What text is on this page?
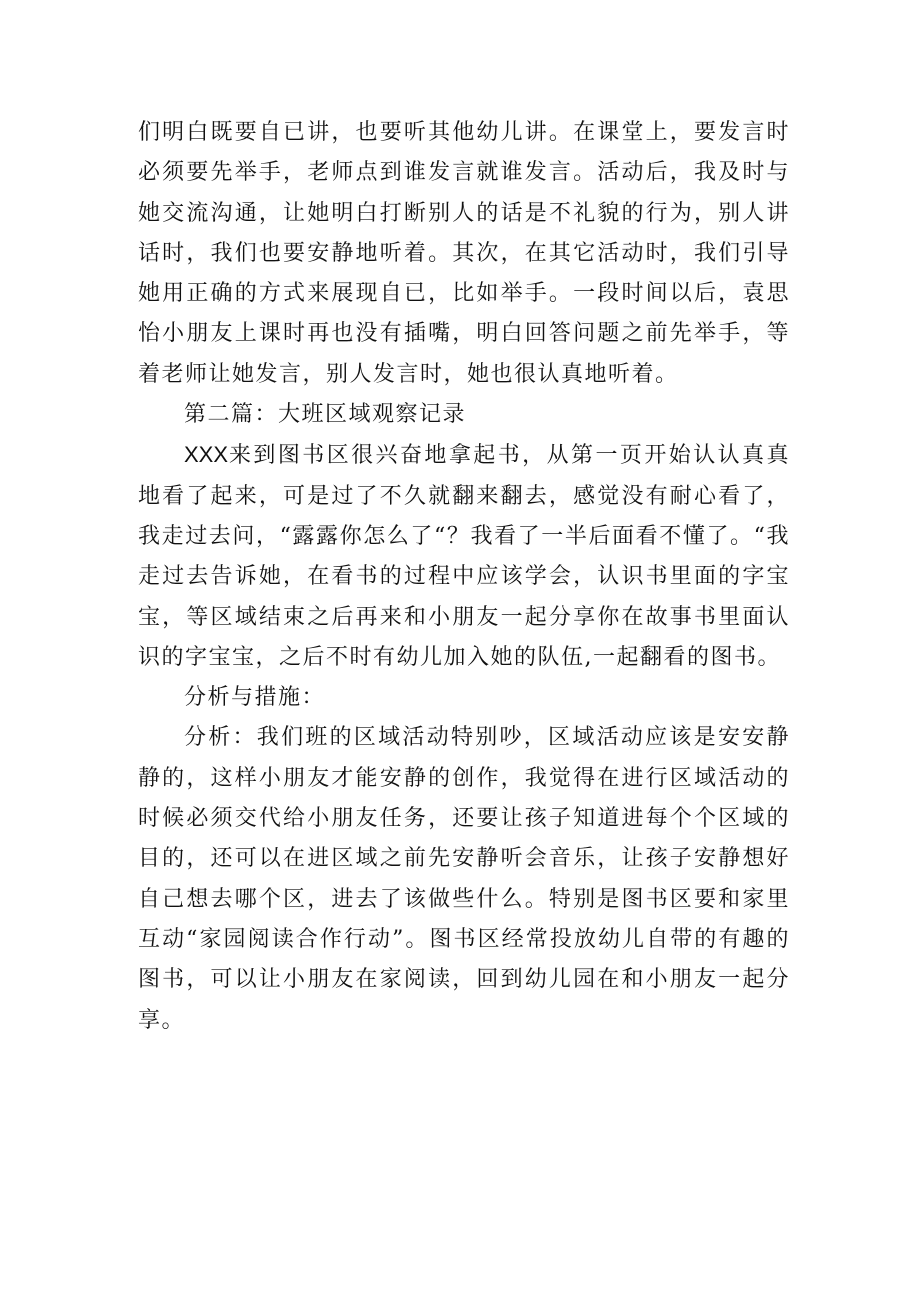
们明白既要自已讲，也要听其他幼儿讲。在课堂上，要发言时必须要先举手，老师点到谁发言就谁发言。活动后，我及时与她交流沟通，让她明白打断别人的话是不礼貌的行为，别人讲话时，我们也要安静地听着。其次，在其它活动时，我们引导她用正确的方式来展现自已，比如举手。一段时间以后，袁思怡小朋友上课时再也没有插嘴，明白回答问题之前先举手，等着老师让她发言，别人发言时，她也很认真地听着。

第二篇：大班区域观察记录

XXX来到图书区很兴奋地拿起书，从第一页开始认认真真地看了起来，可是过了不久就翻来翻去，感觉没有耐心看了，我走过去问，“露露你怎么了“？我看了一半后面看不懂了。“我走过去告诉她，在看书的过程中应该学会，认识书里面的字宝宝，等区域结束之后再来和小朋友一起分享你在故事书里面认识的字宝宝，之后不时有幼儿加入她的队伍,一起翻看的图书。

分析与措施：

分析：我们班的区域活动特别吵，区域活动应该是安安静静的，这样小朋友才能安静的创作，我觉得在进行区域活动的时候必须交代给小朋友任务，还要让孩子知道进每个个区域的目的，还可以在进区域之前先安静听会音乐，让孩子安静想好自己想去哪个区，进去了该做些什么。特别是图书区要和家里互动“家园阅读合作行动”。图书区经常投放幼儿自带的有趣的图书，可以让小朋友在家阅读，回到幼儿园在和小朋友一起分享。
